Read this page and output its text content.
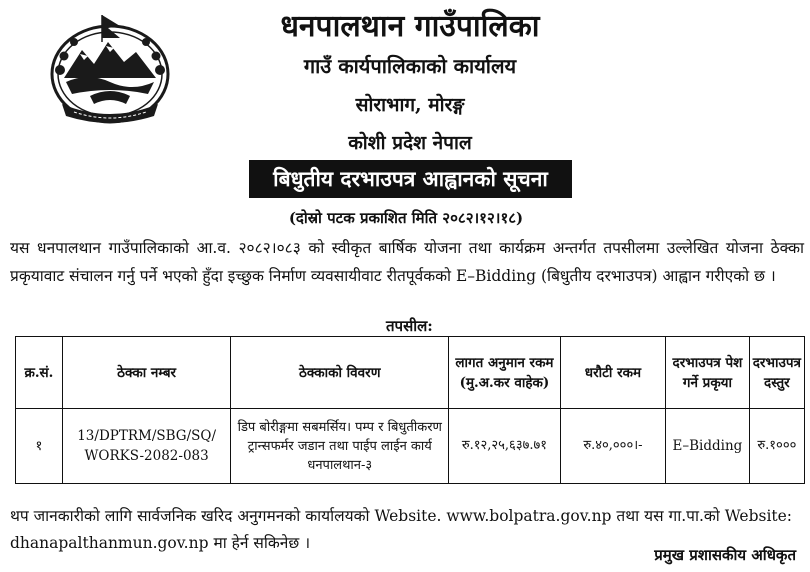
धनपालथान गाउँपालिका
गाउँ कार्यपालिकाको कार्यालय
सोराभाग, मोरङ्ग
कोशी प्रदेश नेपाल
बिधुतीय दरभाउपत्र आह्वानको सूचना
(दोस्रो पटक प्रकाशित मिति २०८२।१२।१८)

यस धनपालथान गाउँपालिकाको आ.व. २०८२।०८३ को स्वीकृत बार्षिक योजना तथा कार्यक्रम अन्तर्गत तपसीलमा उल्लेखित योजना ठेक्का प्रकृयावाट संचालन गर्नु पर्ने भएको हुँदा इच्छुक निर्माण व्यवसायीवाट रीतपूर्वकको E–Bidding (बिधुतीय दरभाउपत्र) आह्वान गरीएको छ ।

तपसील:
क्र.सं.	ठेक्का नम्बर	ठेक्काको विवरण	लागत अनुमान रकम (मु.अ.कर वाहेक)	धरौटी रकम	दरभाउपत्र पेश गर्ने प्रकृया	दरभाउपत्र दस्तुर
१	13/DPTRM/SBG/SQ/ WORKS-2082-083	डिप बोरीङ्गमा सबमर्सिय। पम्प र बिधुतीकरण ट्रान्सफर्मर जडान तथा पाईप लाईन कार्य धनपालथान-३	रु.१२,२५,६३७.७१	रु.४०,०००।-	E–Bidding	रु.१०००

थप जानकारीको लागि सार्वजनिक खरिद अनुगमनको कार्यालयको Website. www.bolpatra.gov.np तथा यस गा.पा.को Website: dhanapalthanmun.gov.np मा हेर्न सकिनेछ ।

प्रमुख प्रशासकीय अधिकृत
